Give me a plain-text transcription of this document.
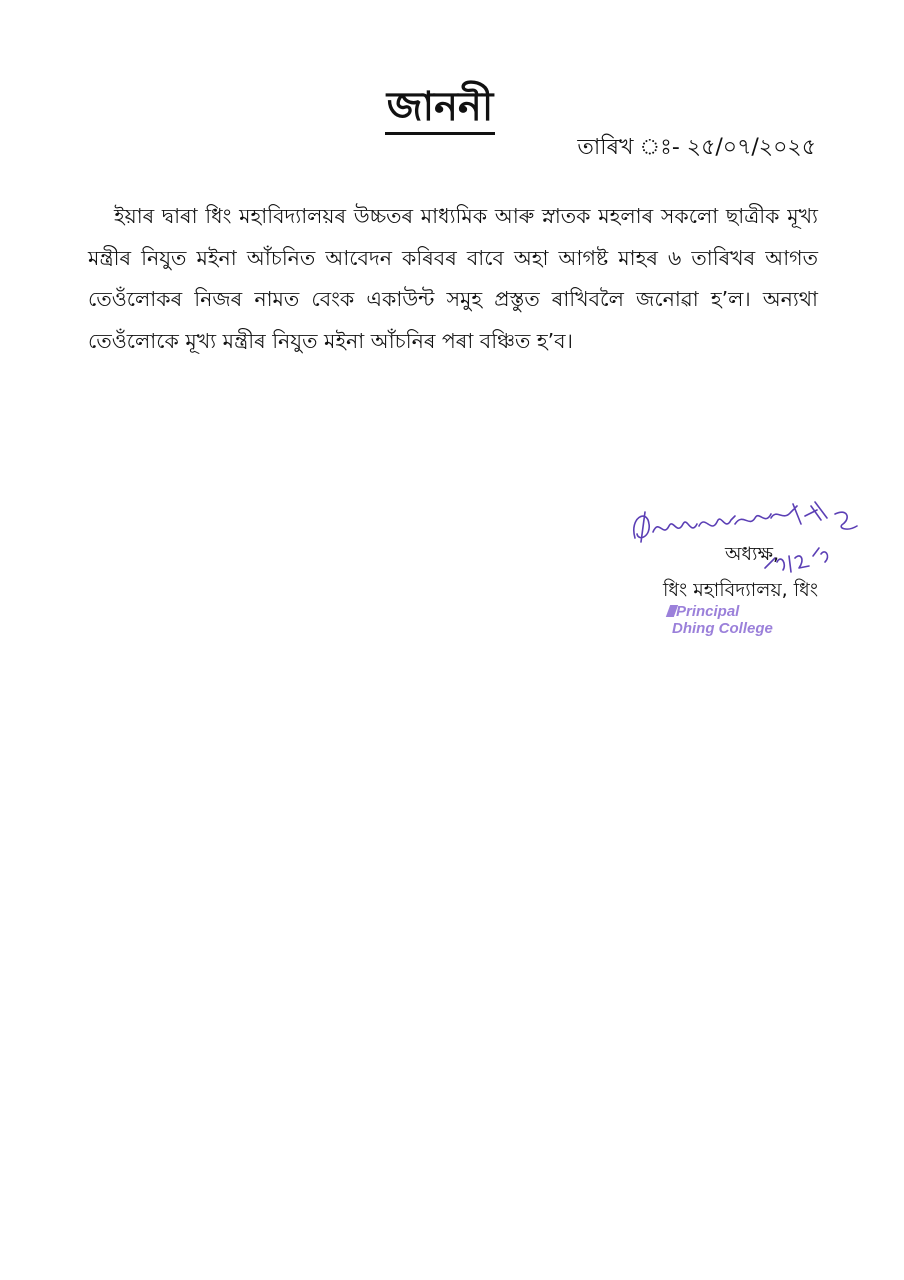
জাননী
তাৰিখ ঃ- ২৫/০৭/২০২৫

ইয়াৰ দ্বাৰা ধিং মহাবিদ্যালয়ৰ উচ্চতৰ মাধ্যমিক আৰু স্নাতক মহলাৰ সকলো ছাত্ৰীক মূখ্য মন্ত্ৰীৰ নিযুত মইনা আঁচনিত আবেদন কৰিবৰ বাবে অহা আগষ্ট মাহৰ ৬ তাৰিখৰ আগত তেওঁলোকৰ নিজৰ নামত বেংক একাউন্ট সমুহ প্ৰস্তুত ৰাখিবলৈ জনোৱা হ’ল। অন্যথা তেওঁলোকে মূখ্য মন্ত্ৰীৰ নিযুত মইনা আঁচনিৰ পৰা বঞ্চিত হ’ব।

অধ্যক্ষ,
ধিং মহাবিদ্যালয়, ধিং
Principal
Dhing College
